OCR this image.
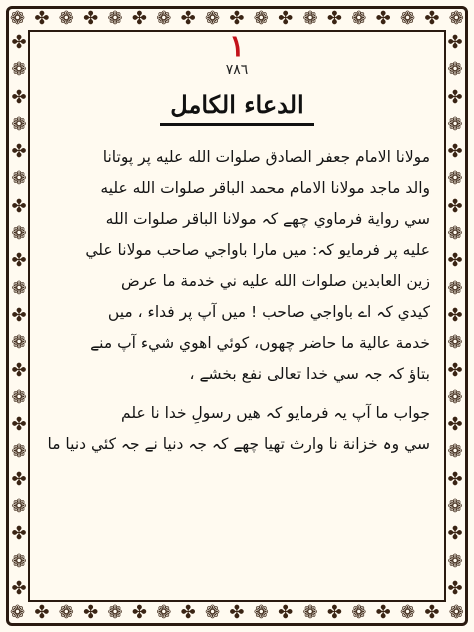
❁ ✤ ❁ ✤ ❁ ✤ ❁ ✤ ❁ ✤ ❁ ✤ ❁ ✤ ❁ ✤ ❁ ✤ ❁
❁ ✤ ❁ ✤ ❁ ✤ ❁ ✤ ❁ ✤ ❁ ✤ ❁ ✤ ❁ ✤ ❁ ✤ ❁
✤
❁
✤
❁
✤
❁
✤
❁
✤
❁
✤
❁
✤
❁
✤
❁
✤
❁
✤
❁
✤
✤
❁
✤
❁
✤
❁
✤
❁
✤
❁
✤
❁
✤
❁
✤
❁
✤
❁
✤
❁
✤
١
٧٨٦
الدعاء الكامل
مولانا الامام جعفر الصادق صلوات الله عليه پر پوتانا
والد ماجد مولانا الامام محمد الباقر صلوات الله عليه
سي روایة فرماوي چهے کہ مولانا الباقر صلوات الله
عليه پر فرمایو کہ: ميں مارا باواجي صاحب مولانا علي
زين العابدين صلوات الله عليه ني خدمة ما عرض
کيدي کہ اے باواجي صاحب ! ميں آپ پر فداء ، ميں
خدمة عالية ما حاضر چهوں، کوئي اهوي شيء آپ منے
بتاؤ کہ جہ سي خدا تعالی نفع بخشے ،
جواب ما آپ يہ فرمایو کہ هيں رسولِ خدا نا علم
سي وہ خزانة نا وارث تهيا چهے کہ جہ دنيا نے جہ کئي دنيا ما
